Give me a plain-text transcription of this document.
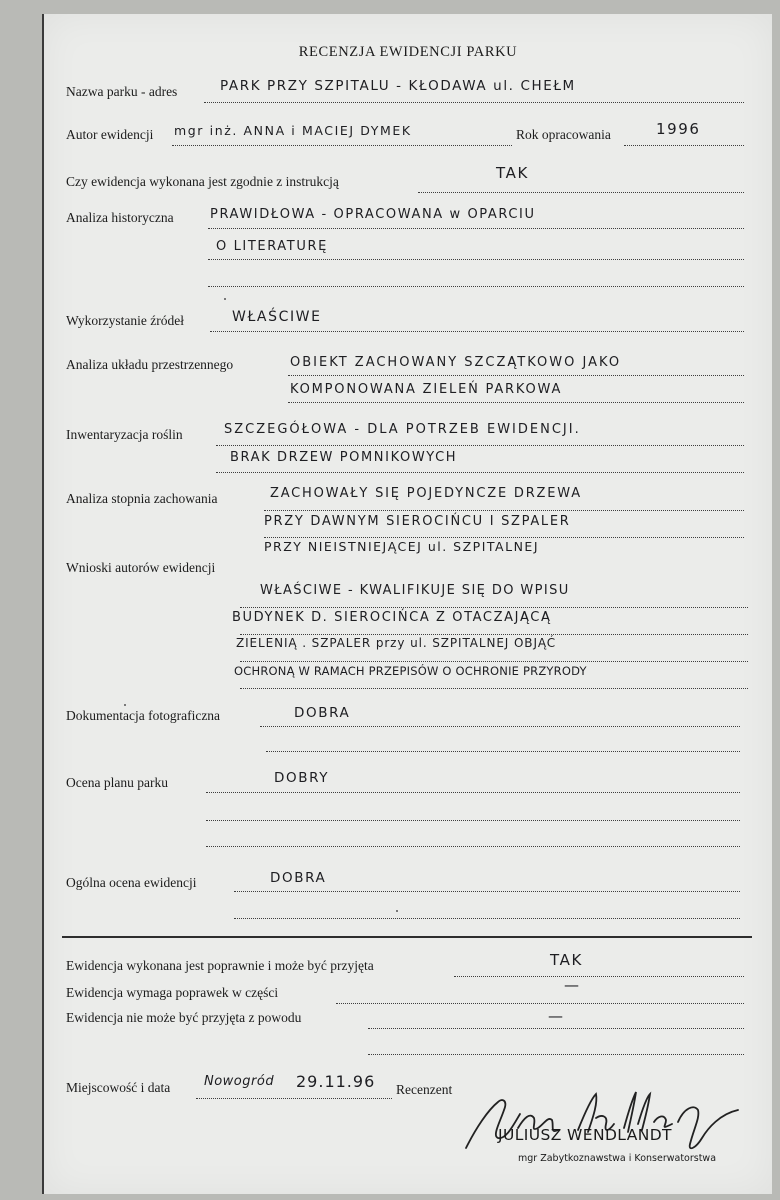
RECENZJA EWIDENCJI PARKU
Nazwa parku - adres	PARK PRZY SZPITALU - KŁODAWA ul. CHEŁM
Autor ewidencji mgr inż. ANNA i MACIEJ DYMEK	Rok opracowania	1996
Czy ewidencja wykonana jest zgodnie z instrukcją	TAK
Analiza historyczna	PRAWIDŁOWA - OPRACOWANA w OPARCIU
O LITERATURĘ
Wykorzystanie źródeł	WŁAŚCIWE
Analiza układu przestrzennego	OBIEKT ZACHOWANY SZCZĄTKOWO JAKO
KOMPONOWANA ZIELEŃ PARKOWA
Inwentaryzacja roślin	SZCZEGÓŁOWA - DLA POTRZEB EWIDENCJI.
BRAK DRZEW POMNIKOWYCH
Analiza stopnia zachowania	ZACHOWAŁY SIĘ POJEDYNCZE DRZEWA
PRZY DAWNYM SIEROCIŃCU I SZPALER
PRZY NIEISTNIEJĄCEJ ul. SZPITALNEJ
Wnioski autorów ewidencji
WŁAŚCIWE - KWALIFIKUJE SIĘ DO WPISU
BUDYNEK D. SIEROCIŃCA Z OTACZAJĄCĄ
ZIELENIĄ . SZPALER przy ul. SZPITALNEJ OBJĄĆ
OCHRONĄ W RAMACH PRZEPISÓW O OCHRONIE PRZYRODY
Dokumentacja fotograficzna	DOBRA
Ocena planu parku	DOBRY
Ogólna ocena ewidencji	DOBRA
Ewidencja wykonana jest poprawnie i może być przyjęta	TAK
Ewidencja wymaga poprawek w części	—
Ewidencja nie może być przyjęta z powodu	—
Miejscowość i data	Nowogród 29.11.96 Recenzent
JULIUSZ WENDLANDT
mgr Zabytkoznawstwa i Konserwatorstwa
